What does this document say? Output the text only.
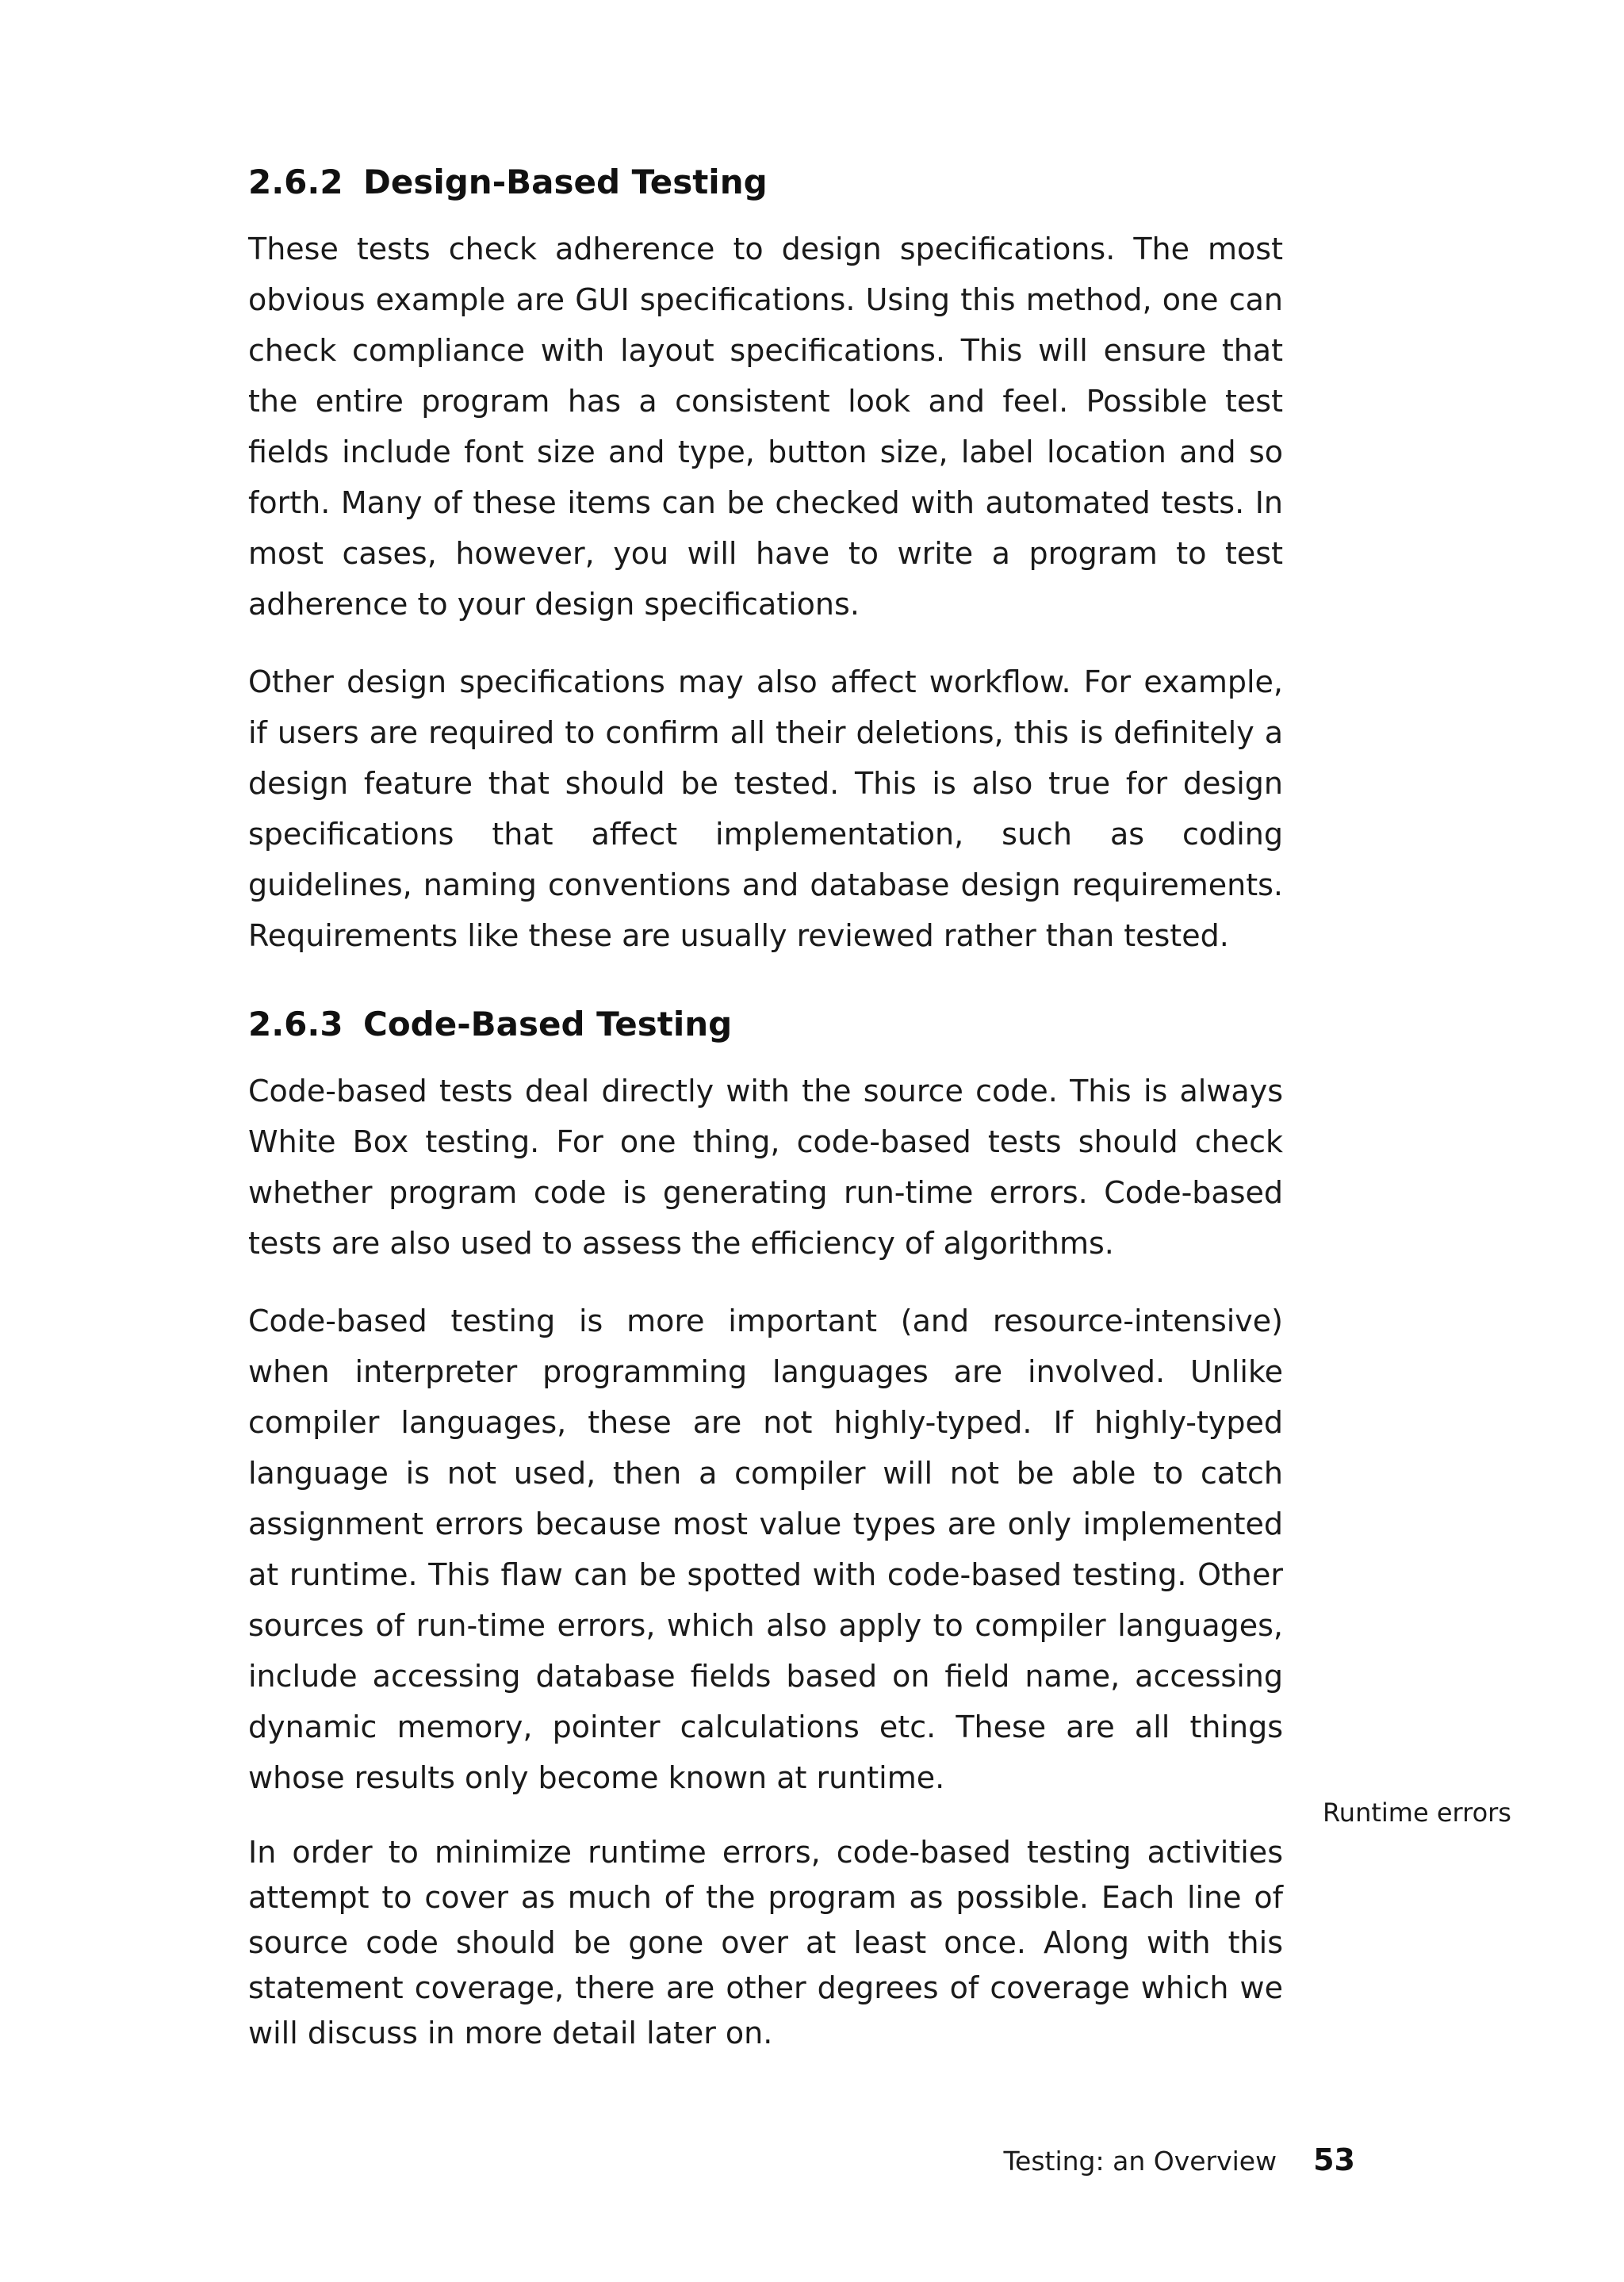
2.6.2 Design-Based Testing

These tests check adherence to design specifications. The most obvious example are GUI specifications. Using this method, one can check compliance with layout specifications. This will ensure that the entire program has a consistent look and feel. Possible test fields include font size and type, button size, label location and so forth. Many of these items can be checked with automated tests. In most cases, however, you will have to write a program to test adherence to your design specifications.

Other design specifications may also affect workflow. For example, if users are required to confirm all their deletions, this is definitely a design feature that should be tested. This is also true for design specifications that affect implementation, such as coding guidelines, naming conventions and database design requirements. Requirements like these are usually reviewed rather than tested.

2.6.3 Code-Based Testing

Code-based tests deal directly with the source code. This is always White Box testing. For one thing, code-based tests should check whether program code is generating run-time errors. Code-based tests are also used to assess the efficiency of algorithms.

Code-based testing is more important (and resource-intensive) when interpreter programming languages are involved. Unlike compiler languages, these are not highly-typed. If highly-typed language is not used, then a compiler will not be able to catch assignment errors because most value types are only implemented at runtime. This flaw can be spotted with code-based testing. Other sources of run-time errors, which also apply to compiler languages, include accessing database fields based on field name, accessing dynamic memory, pointer calculations etc. These are all things whose results only become known at runtime.

In order to minimize runtime errors, code-based testing activities attempt to cover as much of the program as possible. Each line of source code should be gone over at least once. Along with this statement coverage, there are other degrees of coverage which we will discuss in more detail later on.

Runtime errors
Testing: an Overview 53
